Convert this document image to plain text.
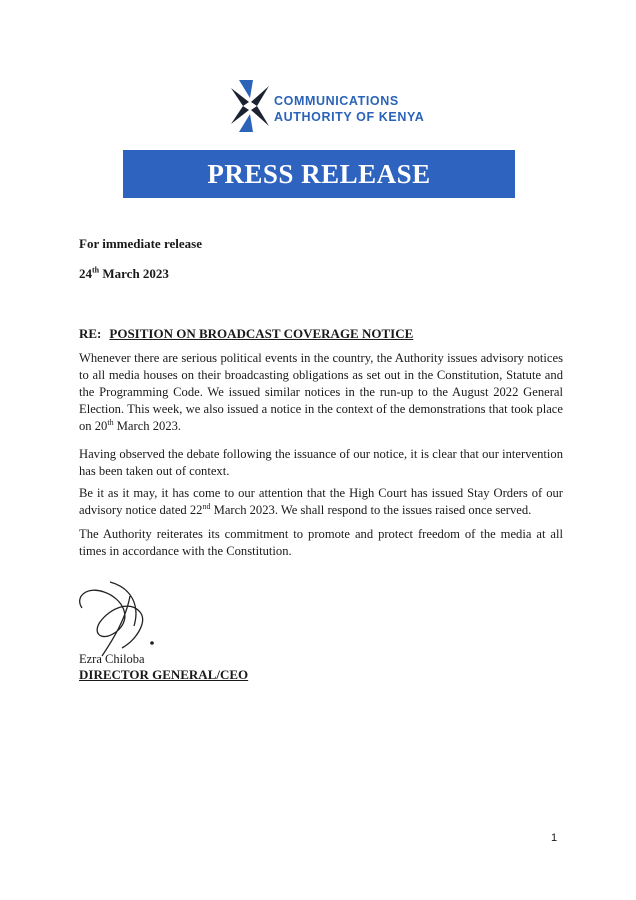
COMMUNICATIONS
AUTHORITY OF KENYA
PRESS RELEASE
For immediate release
24th March 2023
RE: POSITION ON BROADCAST COVERAGE NOTICE

Whenever there are serious political events in the country, the Authority issues advisory notices to all media houses on their broadcasting obligations as set out in the Constitution, Statute and the Programming Code. We issued similar notices in the run-up to the August 2022 General Election. This week, we also issued a notice in the context of the demonstrations that took place on 20th March 2023.

Having observed the debate following the issuance of our notice, it is clear that our intervention has been taken out of context.

Be it as it may, it has come to our attention that the High Court has issued Stay Orders of our advisory notice dated 22nd March 2023. We shall respond to the issues raised once served.

The Authority reiterates its commitment to promote and protect freedom of the media at all times in accordance with the Constitution.

Ezra Chiloba
DIRECTOR GENERAL/CEO
1
